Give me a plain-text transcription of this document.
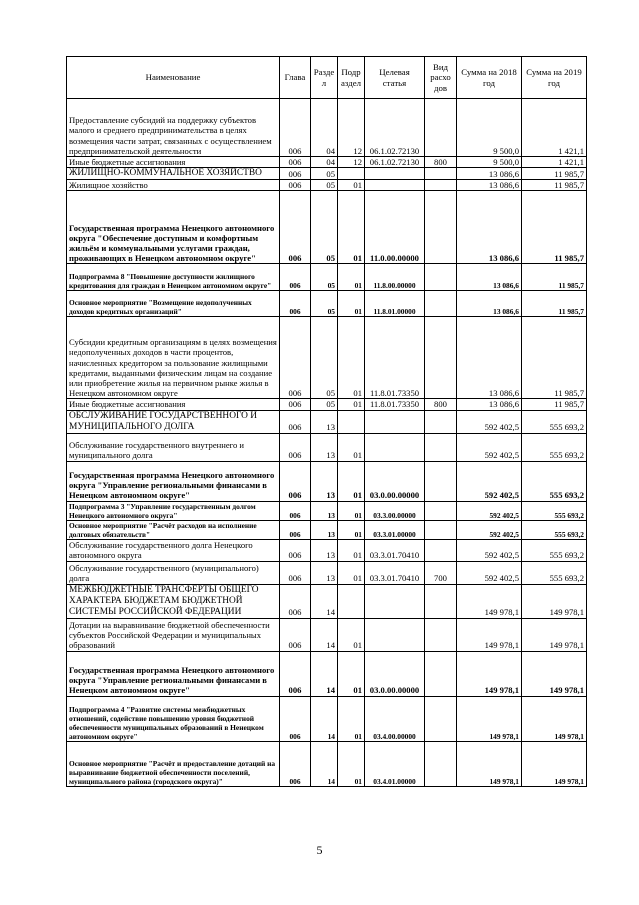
Наименование	Глава	Разде л	Подр аздел	Целевая статья	Вид расхо дов	Сумма на 2018 год	Сумма на 2019 год
Предоставление субсидий на поддержку субъектов малого и среднего предпринимательства в целях возмещения части затрат, связанных с осуществлением предпринимательской деятельности	006	04	12	06.1.02.72130		9 500,0	1 421,1
Иные бюджетные ассигнования	006	04	12	06.1.02.72130	800	9 500,0	1 421,1
ЖИЛИЩНО-КОММУНАЛЬНОЕ ХОЗЯЙСТВО	006	05				13 086,6	11 985,7
Жилищное хозяйство	006	05	01			13 086,6	11 985,7
Государственная программа Ненецкого автономного округа "Обеспечение доступным и комфортным жильём и коммунальными услугами граждан, проживающих в Ненецком автономном округе"	006	05	01	11.0.00.00000		13 086,6	11 985,7
Подпрограмма 8 "Повышение доступности жилищного кредитования для граждан в Ненецком автономном округе"	006	05	01	11.8.00.00000		13 086,6	11 985,7
Основное мероприятие "Возмещение недополученных доходов кредитных организаций"	006	05	01	11.8.01.00000		13 086,6	11 985,7
Субсидии кредитным организациям в целях возмещения недополученных доходов в части процентов, начисленных кредитором за пользование жилищными кредитами, выданными физическим лицам на создание или приобретение жилья на первичном рынке жилья в Ненецком автономном округе	006	05	01	11.8.01.73350		13 086,6	11 985,7
Иные бюджетные ассигнования	006	05	01	11.8.01.73350	800	13 086,6	11 985,7
ОБСЛУЖИВАНИЕ ГОСУДАРСТВЕННОГО И МУНИЦИПАЛЬНОГО ДОЛГА	006	13				592 402,5	555 693,2
Обслуживание государственного внутреннего и муниципального долга	006	13	01			592 402,5	555 693,2
Государственная программа Ненецкого автономного округа "Управление региональными финансами в Ненецком автономном округе"	006	13	01	03.0.00.00000		592 402,5	555 693,2
Подпрограмма 3 "Управление государственным долгом Ненецкого автономного округа"	006	13	01	03.3.00.00000		592 402,5	555 693,2
Основное мероприятие "Расчёт расходов на исполнение долговых обязательств"	006	13	01	03.3.01.00000		592 402,5	555 693,2
Обслуживание государственного долга Ненецкого автономного округа	006	13	01	03.3.01.70410		592 402,5	555 693,2
Обслуживание государственного (муниципального) долга	006	13	01	03.3.01.70410	700	592 402,5	555 693,2
МЕЖБЮДЖЕТНЫЕ ТРАНСФЕРТЫ ОБЩЕГО ХАРАКТЕРА БЮДЖЕТАМ БЮДЖЕТНОЙ СИСТЕМЫ РОССИЙСКОЙ ФЕДЕРАЦИИ	006	14				149 978,1	149 978,1
Дотации на выравнивание бюджетной обеспеченности субъектов Российской Федерации и муниципальных образований	006	14	01			149 978,1	149 978,1
Государственная программа Ненецкого автономного округа "Управление региональными финансами в Ненецком автономном округе"	006	14	01	03.0.00.00000		149 978,1	149 978,1
Подпрограмма 4 "Развитие системы межбюджетных отношений, содействие повышению уровня бюджетной обеспеченности муниципальных образований в Ненецком автономном округе"	006	14	01	03.4.00.00000		149 978,1	149 978,1
Основное мероприятие "Расчёт и предоставление дотаций на выравнивание бюджетной обеспеченности поселений, муниципального района (городского округа)"	006	14	01	03.4.01.00000		149 978,1	149 978,1
5
